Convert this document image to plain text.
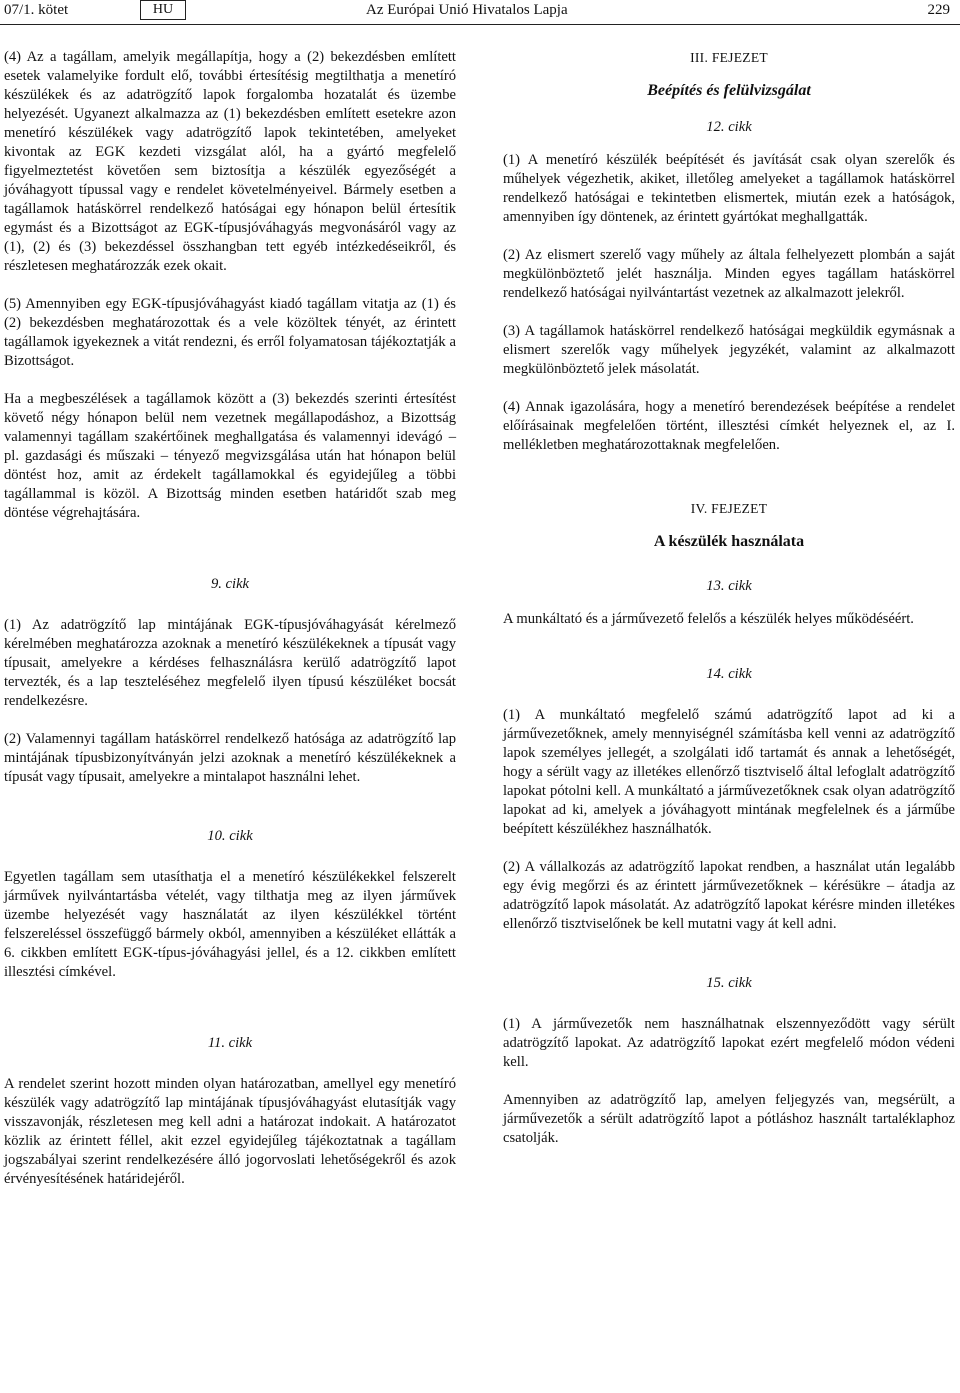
07/1. kötet	HU	Az Európai Unió Hivatalos Lapja	229

(4) Az a tagállam, amelyik megállapítja, hogy a (2) bekezdésben említett esetek valamelyike fordult elő, további értesítésig megtilthatja a menetíró készülékek és az adatrögzítő lapok forgalomba hozatalát és üzembe helyezését. Ugyanezt alkalmazza az (1) bekezdésben említett esetekre azon menetíró készülékek vagy adatrögzítő lapok tekintetében, amelyeket kivontak az EGK kezdeti vizsgálat alól, ha a gyártó megfelelő figyelmeztetést követően sem biztosítja a készülék egyezőségét a jóváhagyott típussal vagy e rendelet követelményeivel. Bármely esetben a tagállamok hatáskörrel rendelkező hatóságai egy hónapon belül értesítik egymást és a Bizottságot az EGK-típusjóváhagyás megvonásáról vagy az (1), (2) és (3) bekezdéssel összhangban tett egyéb intézkedéseikről, és részletesen meghatározzák ezek okait.

(5) Amennyiben egy EGK-típusjóváhagyást kiadó tagállam vitatja az (1) és (2) bekezdésben meghatározottak és a vele közöltek tényét, az érintett tagállamok igyekeznek a vitát rendezni, és erről folyamatosan tájékoztatják a Bizottságot.

Ha a megbeszélések a tagállamok között a (3) bekezdés szerinti értesítést követő négy hónapon belül nem vezetnek megállapodáshoz, a Bizottság valamennyi tagállam szakértőinek meghallgatása és valamennyi idevágó – pl. gazdasági és műszaki – tényező megvizsgálása után hat hónapon belül döntést hoz, amit az érdekelt tagállamokkal és egyidejűleg a többi tagállammal is közöl. A Bizottság minden esetben határidőt szab meg döntése végrehajtására.

9. cikk

(1) Az adatrögzítő lap mintájának EGK-típusjóváhagyását kérelmező kérelmében meghatározza azoknak a menetíró készülékeknek a típusát vagy típusait, amelyekre a kérdéses felhasználásra kerülő adatrögzítő lapot tervezték, és a lap teszteléséhez megfelelő ilyen típusú készüléket bocsát rendelkezésre.

(2) Valamennyi tagállam hatáskörrel rendelkező hatósága az adatrögzítő lap mintájának típusbizonyítványán jelzi azoknak a menetíró készülékeknek a típusát vagy típusait, amelyekre a mintalapot használni lehet.

10. cikk

Egyetlen tagállam sem utasíthatja el a menetíró készülékekkel felszerelt járművek nyilvántartásba vételét, vagy tilthatja meg az ilyen járművek üzembe helyezését vagy használatát az ilyen készülékkel történt felszereléssel összefüggő bármely okból, amennyiben a készüléket ellátták a 6. cikkben említett EGK-típus-jóváhagyási jellel, és a 12. cikkben említett illesztési címkével.

11. cikk

A rendelet szerint hozott minden olyan határozatban, amellyel egy menetíró készülék vagy adatrögzítő lap mintájának típusjóváhagyást elutasítják vagy visszavonják, részletesen meg kell adni a határozat indokait. A határozatot közlik az érintett féllel, akit ezzel egyidejűleg tájékoztatnak a tagállam jogszabályai szerint rendelkezésére álló jogorvoslati lehetőségekről és azok érvényesítésének határidejéről.

III. FEJEZET

Beépítés és felülvizsgálat

12. cikk

(1) A menetíró készülék beépítését és javítását csak olyan szerelők és műhelyek végezhetik, akiket, illetőleg amelyeket a tagállamok hatáskörrel rendelkező hatóságai e tekintetben elismertek, miután ezek a hatóságok, amennyiben így döntenek, az érintett gyártókat meghallgatták.

(2) Az elismert szerelő vagy műhely az általa felhelyezett plombán a saját megkülönböztető jelét használja. Minden egyes tagállam hatáskörrel rendelkező hatóságai nyilvántartást vezetnek az alkalmazott jelekről.

(3) A tagállamok hatáskörrel rendelkező hatóságai megküldik egymásnak a elismert szerelők vagy műhelyek jegyzékét, valamint az alkalmazott megkülönböztető jelek másolatát.

(4) Annak igazolására, hogy a menetíró berendezések beépítése a rendelet előírásainak megfelelően történt, illesztési címkét helyeznek el, az I. mellékletben meghatározottaknak megfelelően.

IV. FEJEZET

A készülék használata

13. cikk

A munkáltató és a járművezető felelős a készülék helyes működéséért.

14. cikk

(1) A munkáltató megfelelő számú adatrögzítő lapot ad ki a járművezetőknek, amely mennyiségnél számításba kell venni az adatrögzítő lapok személyes jellegét, a szolgálati idő tartamát és annak a lehetőségét, hogy a sérült vagy az illetékes ellenőrző tisztviselő által lefoglalt adatrögzítő lapokat pótolni kell. A munkáltató a járművezetőknek csak olyan adatrögzítő lapokat ad ki, amelyek a jóváhagyott mintának megfelelnek és a járműbe beépített készülékhez használhatók.

(2) A vállalkozás az adatrögzítő lapokat rendben, a használat után legalább egy évig megőrzi és az érintett járművezetőknek – kérésükre – átadja az adatrögzítő lapok másolatát. Az adatrögzítő lapokat kérésre minden illetékes ellenőrző tisztviselőnek be kell mutatni vagy át kell adni.

15. cikk

(1) A járművezetők nem használhatnak elszennyeződött vagy sérült adatrögzítő lapokat. Az adatrögzítő lapokat ezért megfelelő módon védeni kell.

Amennyiben az adatrögzítő lap, amelyen feljegyzés van, megsérült, a járművezetők a sérült adatrögzítő lapot a pótláshoz használt tartaléklaphoz csatolják.
